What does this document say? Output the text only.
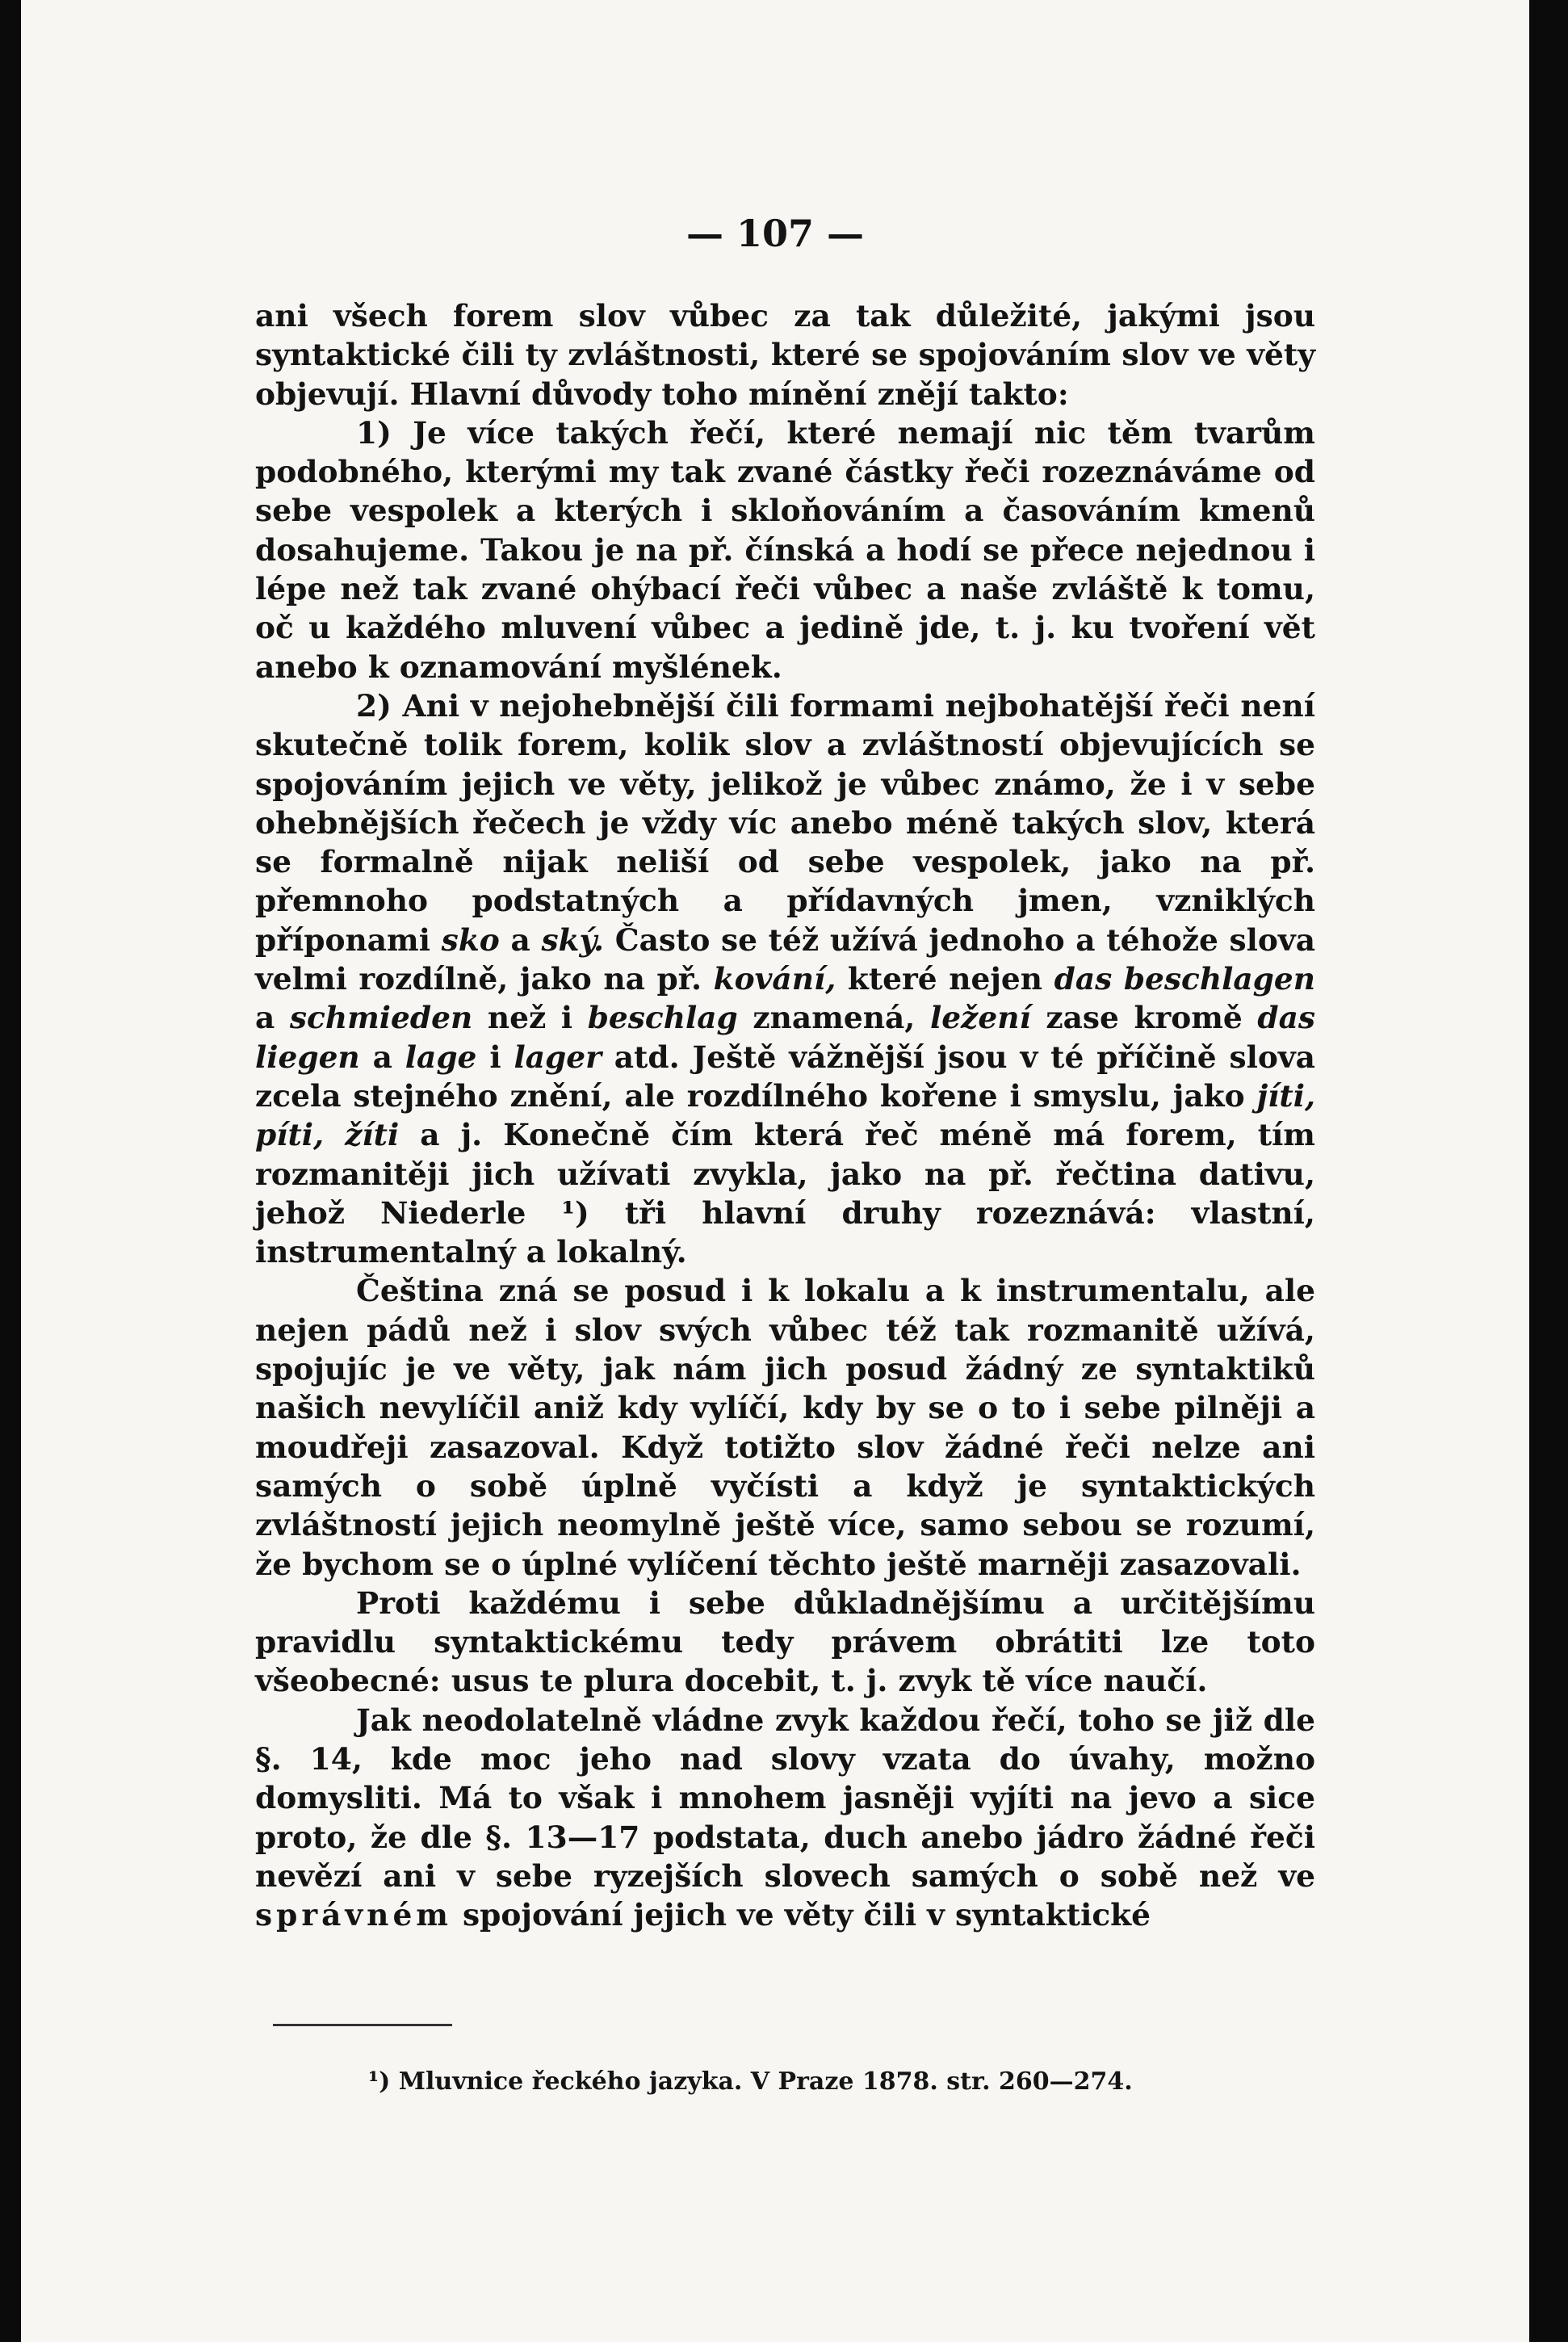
— 107 —

ani všech forem slov vůbec za tak důležité, jakými jsou syntaktické čili ty zvláštnosti, které se spojováním slov ve věty objevují. Hlavní důvody toho mínění znějí takto:

1) Je více takých řečí, které nemají nic těm tvarům podobného, kterými my tak zvané částky řeči rozeznáváme od sebe vespolek a kterých i skloňováním a časováním kmenů dosahujeme. Takou je na př. čínská a hodí se přece nejednou i lépe než tak zvané ohýbací řeči vůbec a naše zvláště k tomu, oč u každého mluvení vůbec a jedině jde, t. j. ku tvoření vět anebo k oznamování myšlének.

2) Ani v nejohebnější čili formami nejbohatější řeči není skutečně tolik forem, kolik slov a zvláštností objevujících se spojováním jejich ve věty, jelikož je vůbec známo, že i v sebe ohebnějších řečech je vždy víc anebo méně takých slov, která se formalně nijak neliší od sebe vespolek, jako na př. přemnoho podstatných a přídavných jmen, vzniklých příponami sko a ský. Často se též užívá jednoho a téhože slova velmi rozdílně, jako na př. kování, které nejen das beschlagen a schmieden než i beschlag znamená, ležení zase kromě das liegen a lage i lager atd. Ještě vážnější jsou v té příčině slova zcela stejného znění, ale rozdílného kořene i smyslu, jako jíti, píti, žíti a j. Konečně čím která řeč méně má forem, tím rozmanitěji jich užívati zvykla, jako na př. řečtina dativu, jehož Niederle ¹) tři hlavní druhy rozeznává: vlastní, instrumentalný a lokalný.

Čeština zná se posud i k lokalu a k instrumentalu, ale nejen pádů než i slov svých vůbec též tak rozmanitě užívá, spojujíc je ve věty, jak nám jich posud žádný ze syntaktiků našich nevylíčil aniž kdy vylíčí, kdy by se o to i sebe pilněji a moudřeji zasazoval. Když totižto slov žádné řeči nelze ani samých o sobě úplně vyčísti a když je syntaktických zvláštností jejich neomylně ještě více, samo sebou se rozumí, že bychom se o úplné vylíčení těchto ještě marněji zasazovali.

Proti každému i sebe důkladnějšímu a určitějšímu pravidlu syntaktickému tedy právem obrátiti lze toto všeobecné: usus te plura docebit, t. j. zvyk tě více naučí.

Jak neodolatelně vládne zvyk každou řečí, toho se již dle §. 14, kde moc jeho nad slovy vzata do úvahy, možno domysliti. Má to však i mnohem jasněji vyjíti na jevo a sice proto, že dle §. 13—17 podstata, duch anebo jádro žádné řeči nevězí ani v sebe ryzejších slovech samých o sobě než ve správném spojování jejich ve věty čili v syntaktické

¹) Mluvnice řeckého jazyka. V Praze 1878. str. 260—274.
